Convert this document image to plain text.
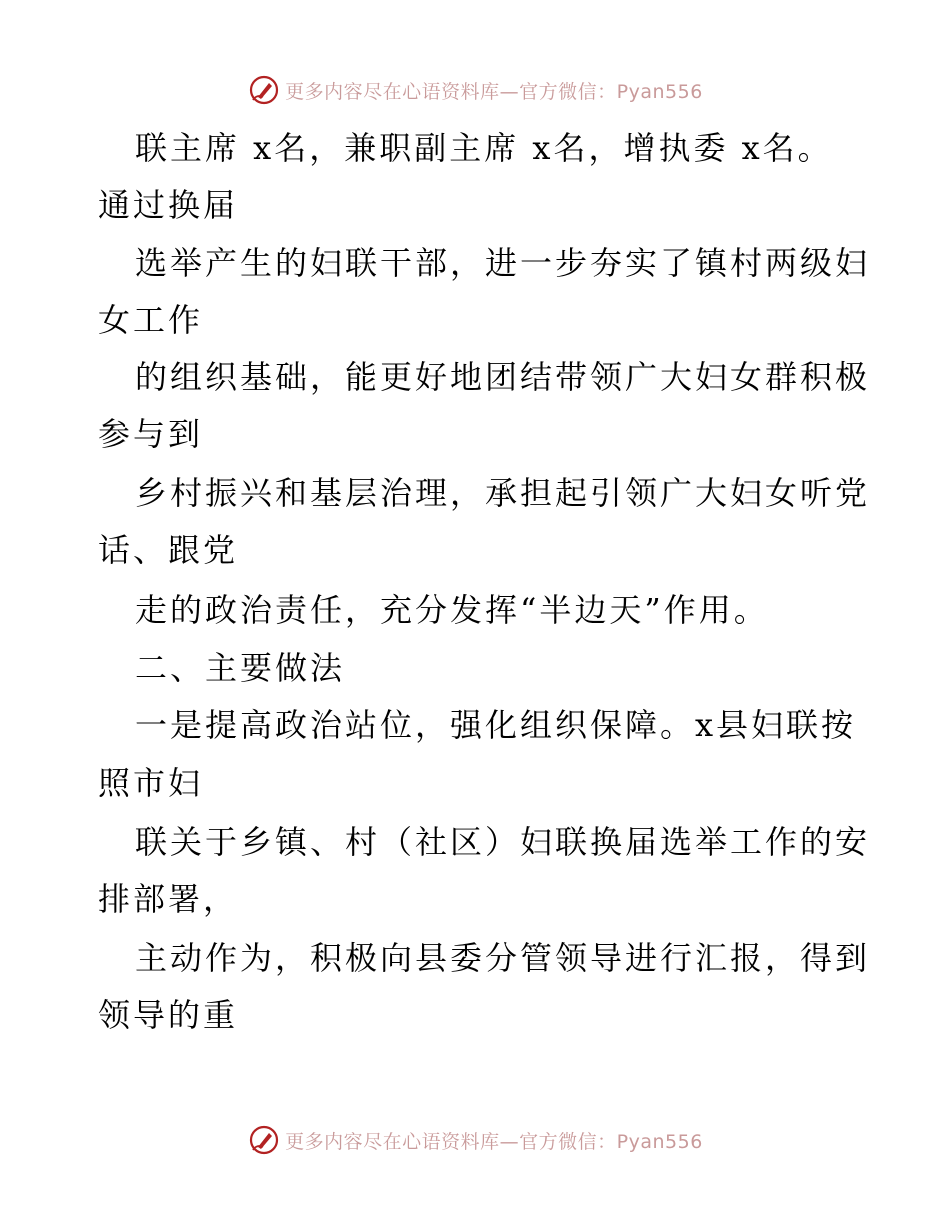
更多内容尽在心语资料库—官方微信：Pyan556
联主席 x名，兼职副主席 x名，增执委 x名。
通过换届
选举产生的妇联干部，进一步夯实了镇村两级妇
女工作
的组织基础，能更好地团结带领广大妇女群积极
参与到
乡村振兴和基层治理，承担起引领广大妇女听党
话、跟党
走的政治责任，充分发挥“半边天”作用。
二、主要做法
一是提高政治站位，强化组织保障。x县妇联按
照市妇
联关于乡镇、村（社区）妇联换届选举工作的安
排部署，
主动作为，积极向县委分管领导进行汇报，得到
领导的重
更多内容尽在心语资料库—官方微信：Pyan556
